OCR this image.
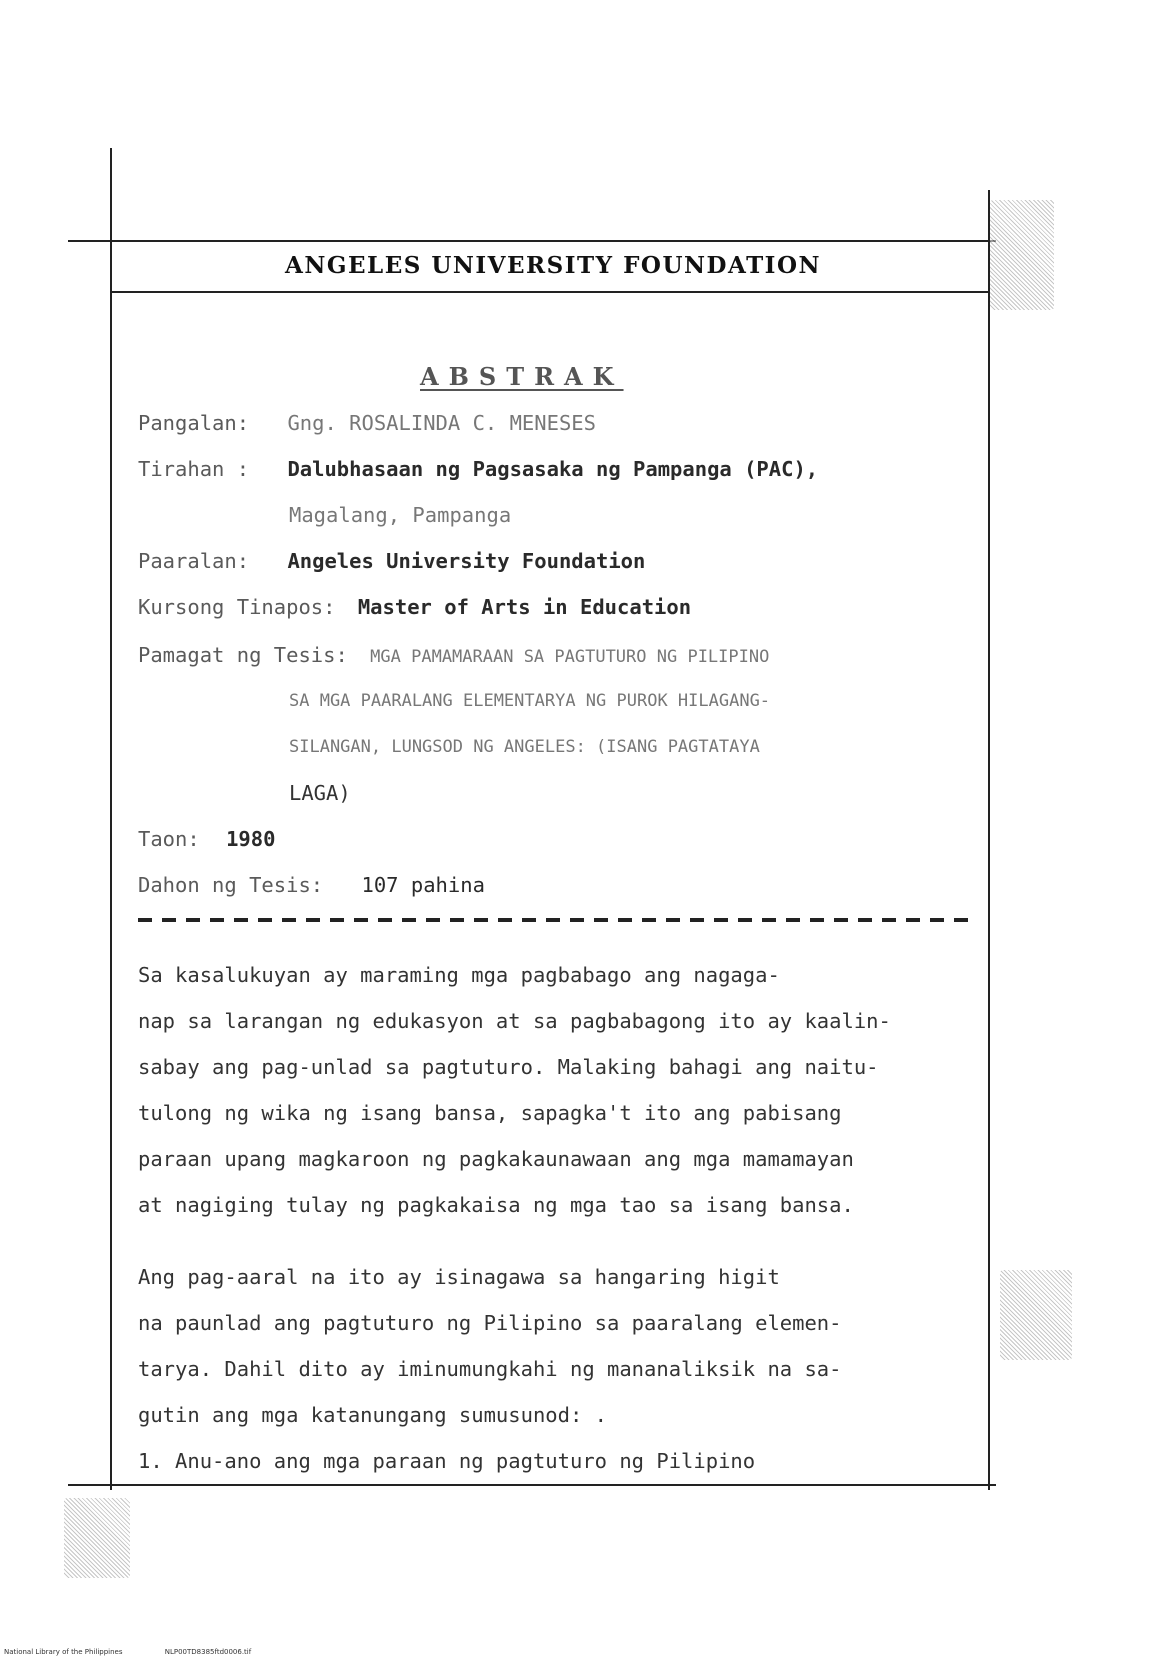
ANGELES UNIVERSITY FOUNDATION
ABSTRAK
Pangalan: Gng. ROSALINDA C. MENESES
Tirahan : Dalubhasaan ng Pagsasaka ng Pampanga (PAC),
Magalang, Pampanga
Paaralan: Angeles University Foundation
Kursong Tinapos: Master of Arts in Education
Pamagat ng Tesis: MGA PAMAMARAAN SA PAGTUTURO NG PILIPINO
SA MGA PAARALANG ELEMENTARYA NG PUROK HILAGANG-
SILANGAN, LUNGSOD NG ANGELES: (ISANG PAGTATAYA
LAGA)
Taon: 1980
Dahon ng Tesis: 107 pahina
Sa kasalukuyan ay maraming mga pagbabago ang nagaga-
nap sa larangan ng edukasyon at sa pagbabagong ito ay kaalin-
sabay ang pag-unlad sa pagtuturo. Malaking bahagi ang naitu-
tulong ng wika ng isang bansa, sapagka't ito ang pabisang
paraan upang magkaroon ng pagkakaunawaan ang mga mamamayan
at nagiging tulay ng pagkakaisa ng mga tao sa isang bansa.
Ang pag-aaral na ito ay isinagawa sa hangaring higit
na paunlad ang pagtuturo ng Pilipino sa paaralang elemen-
tarya. Dahil dito ay iminumungkahi ng mananaliksik na sa-
gutin ang mga katanungang sumusunod: .
1. Anu-ano ang mga paraan ng pagtuturo ng Pilipino
National Library of the Philippines	NLP00TD8385ftd0006.tif
